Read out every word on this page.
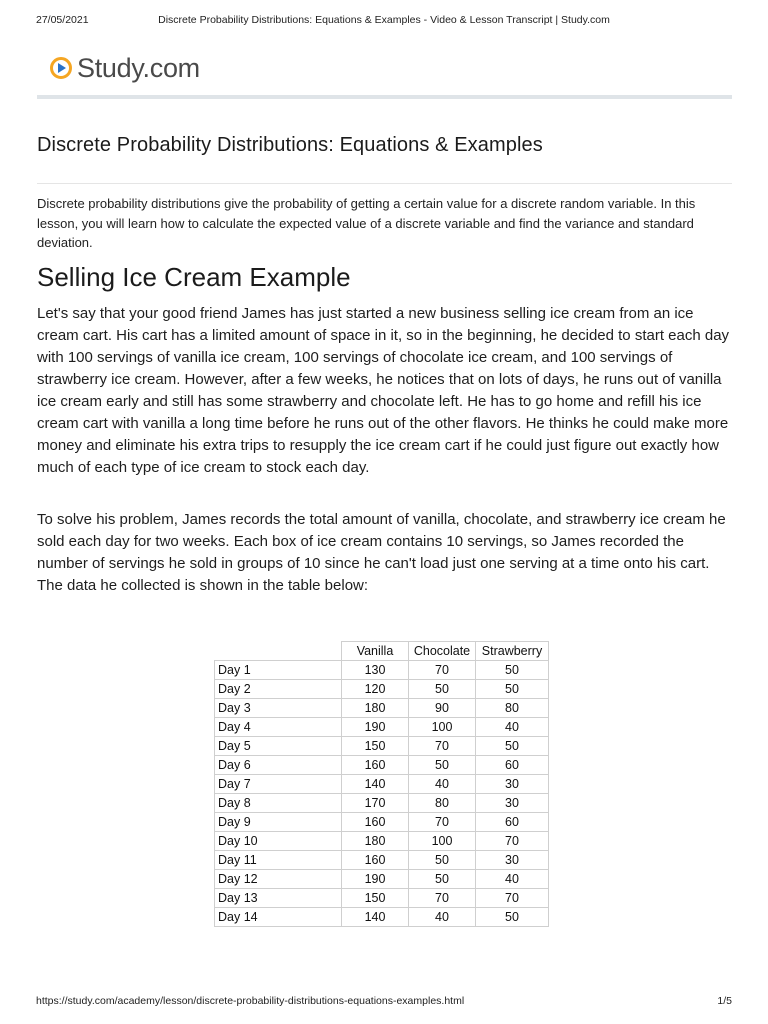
27/05/2021	Discrete Probability Distributions: Equations & Examples - Video & Lesson Transcript | Study.com
Study.com
Discrete Probability Distributions: Equations & Examples

Discrete probability distributions give the probability of getting a certain value for a discrete random variable. In this lesson, you will learn how to calculate the expected value of a discrete variable and find the variance and standard deviation.

Selling Ice Cream Example

Let's say that your good friend James has just started a new business selling ice cream from an ice cream cart. His cart has a limited amount of space in it, so in the beginning, he decided to start each day with 100 servings of vanilla ice cream, 100 servings of chocolate ice cream, and 100 servings of strawberry ice cream. However, after a few weeks, he notices that on lots of days, he runs out of vanilla ice cream early and still has some strawberry and chocolate left. He has to go home and refill his ice cream cart with vanilla a long time before he runs out of the other flavors. He thinks he could make more money and eliminate his extra trips to resupply the ice cream cart if he could just figure out exactly how much of each type of ice cream to stock each day.

To solve his problem, James records the total amount of vanilla, chocolate, and strawberry ice cream he sold each day for two weeks. Each box of ice cream contains 10 servings, so James recorded the number of servings he sold in groups of 10 since he can't load just one serving at a time onto his cart. The data he collected is shown in the table below:

	Vanilla	Chocolate	Strawberry
Day 1	130	70	50
Day 2	120	50	50
Day 3	180	90	80
Day 4	190	100	40
Day 5	150	70	50
Day 6	160	50	60
Day 7	140	40	30
Day 8	170	80	30
Day 9	160	70	60
Day 10	180	100	70
Day 11	160	50	30
Day 12	190	50	40
Day 13	150	70	70
Day 14	140	40	50
https://study.com/academy/lesson/discrete-probability-distributions-equations-examples.html	1/5
